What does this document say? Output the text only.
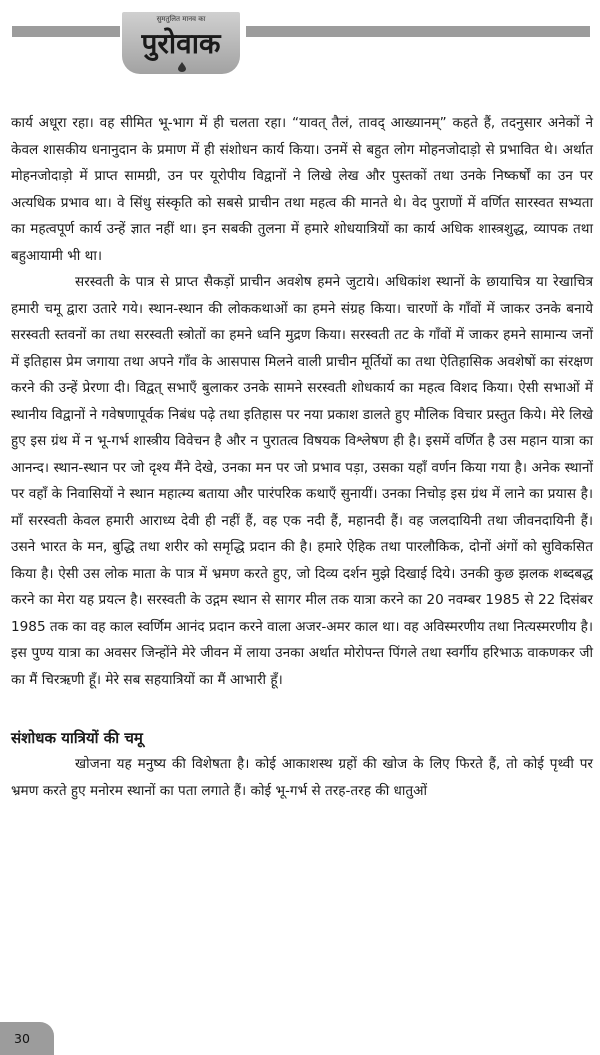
सुमतुलित मानव का
पुरोवाक

कार्य अधूरा रहा। वह सीमित भू-भाग में ही चलता रहा। “यावत् तैलं, तावद् आख्यानम्” कहते हैं, तदनुसार अनेकों ने केवल शासकीय धनानुदान के प्रमाण में ही संशोधन कार्य किया। उनमें से बहुत लोग मोहनजोदाड़ो से प्रभावित थे। अर्थात मोहनजोदाड़ो में प्राप्त सामग्री, उन पर यूरोपीय विद्वानों ने लिखे लेख और पुस्तकों तथा उनके निष्कर्षों का उन पर अत्यधिक प्रभाव था। वे सिंधु संस्कृति को सबसे प्राचीन तथा महत्व की मानते थे। वेद पुराणों में वर्णित सारस्वत सभ्यता का महत्वपूर्ण कार्य उन्हें ज्ञात नहीं था। इन सबकी तुलना में हमारे शोधयात्रियों का कार्य अधिक शास्त्रशुद्ध, व्यापक तथा बहुआयामी भी था।

सरस्वती के पात्र से प्राप्त सैकड़ों प्राचीन अवशेष हमने जुटाये। अधिकांश स्थानों के छायाचित्र या रेखाचित्र हमारी चमू द्वारा उतारे गये। स्थान-स्थान की लोककथाओं का हमने संग्रह किया। चारणों के गाँवों में जाकर उनके बनाये सरस्वती स्तवनों का तथा सरस्वती स्त्रोतों का हमने ध्वनि मुद्रण किया। सरस्वती तट के गाँवों में जाकर हमने सामान्य जनों में इतिहास प्रेम जगाया तथा अपने गाँव के आसपास मिलने वाली प्राचीन मूर्तियों का तथा ऐतिहासिक अवशेषों का संरक्षण करने की उन्हें प्रेरणा दी। विद्वत् सभाएँ बुलाकर उनके सामने सरस्वती शोधकार्य का महत्व विशद किया। ऐसी सभाओं में स्थानीय विद्वानों ने गवेषणापूर्वक निबंध पढ़े तथा इतिहास पर नया प्रकाश डालते हुए मौलिक विचार प्रस्तुत किये। मेरे लिखे हुए इस ग्रंथ में न भू-गर्भ शास्त्रीय विवेचन है और न पुरातत्व विषयक विश्लेषण ही है। इसमें वर्णित है उस महान यात्रा का आनन्द। स्थान-स्थान पर जो दृश्य मैंने देखे, उनका मन पर जो प्रभाव पड़ा, उसका यहाँ वर्णन किया गया है। अनेक स्थानों पर वहाँ के निवासियों ने स्थान महात्म्य बताया और पारंपरिक कथाएँ सुनायीं। उनका निचोड़ इस ग्रंथ में लाने का प्रयास है। माँ सरस्वती केवल हमारी आराध्य देवी ही नहीं हैं, वह एक नदी हैं, महानदी हैं। वह जलदायिनी तथा जीवनदायिनी हैं। उसने भारत के मन, बुद्धि तथा शरीर को समृद्धि प्रदान की है। हमारे ऐहिक तथा पारलौकिक, दोनों अंगों को सुविकसित किया है। ऐसी उस लोक माता के पात्र में भ्रमण करते हुए, जो दिव्य दर्शन मुझे दिखाई दिये। उनकी कुछ झलक शब्दबद्ध करने का मेरा यह प्रयत्न है। सरस्वती के उद्गम स्थान से सागर मील तक यात्रा करने का 20 नवम्बर 1985 से 22 दिसंबर 1985 तक का वह काल स्वर्णिम आनंद प्रदान करने वाला अजर-अमर काल था। वह अविस्मरणीय तथा नित्यस्मरणीय है। इस पुण्य यात्रा का अवसर जिन्होंने मेरे जीवन में लाया उनका अर्थात मोरोपन्त पिंगले तथा स्वर्गीय हरिभाऊ वाकणकर जी का मैं चिरऋणी हूँ। मेरे सब सहयात्रियों का मैं आभारी हूँ।

संशोधक यात्रियों की चमू

खोजना यह मनुष्य की विशेषता है। कोई आकाशस्थ ग्रहों की खोज के लिए फिरते हैं, तो कोई पृथ्वी पर भ्रमण करते हुए मनोरम स्थानों का पता लगाते हैं। कोई भू-गर्भ से तरह-तरह की धातुओं

30
